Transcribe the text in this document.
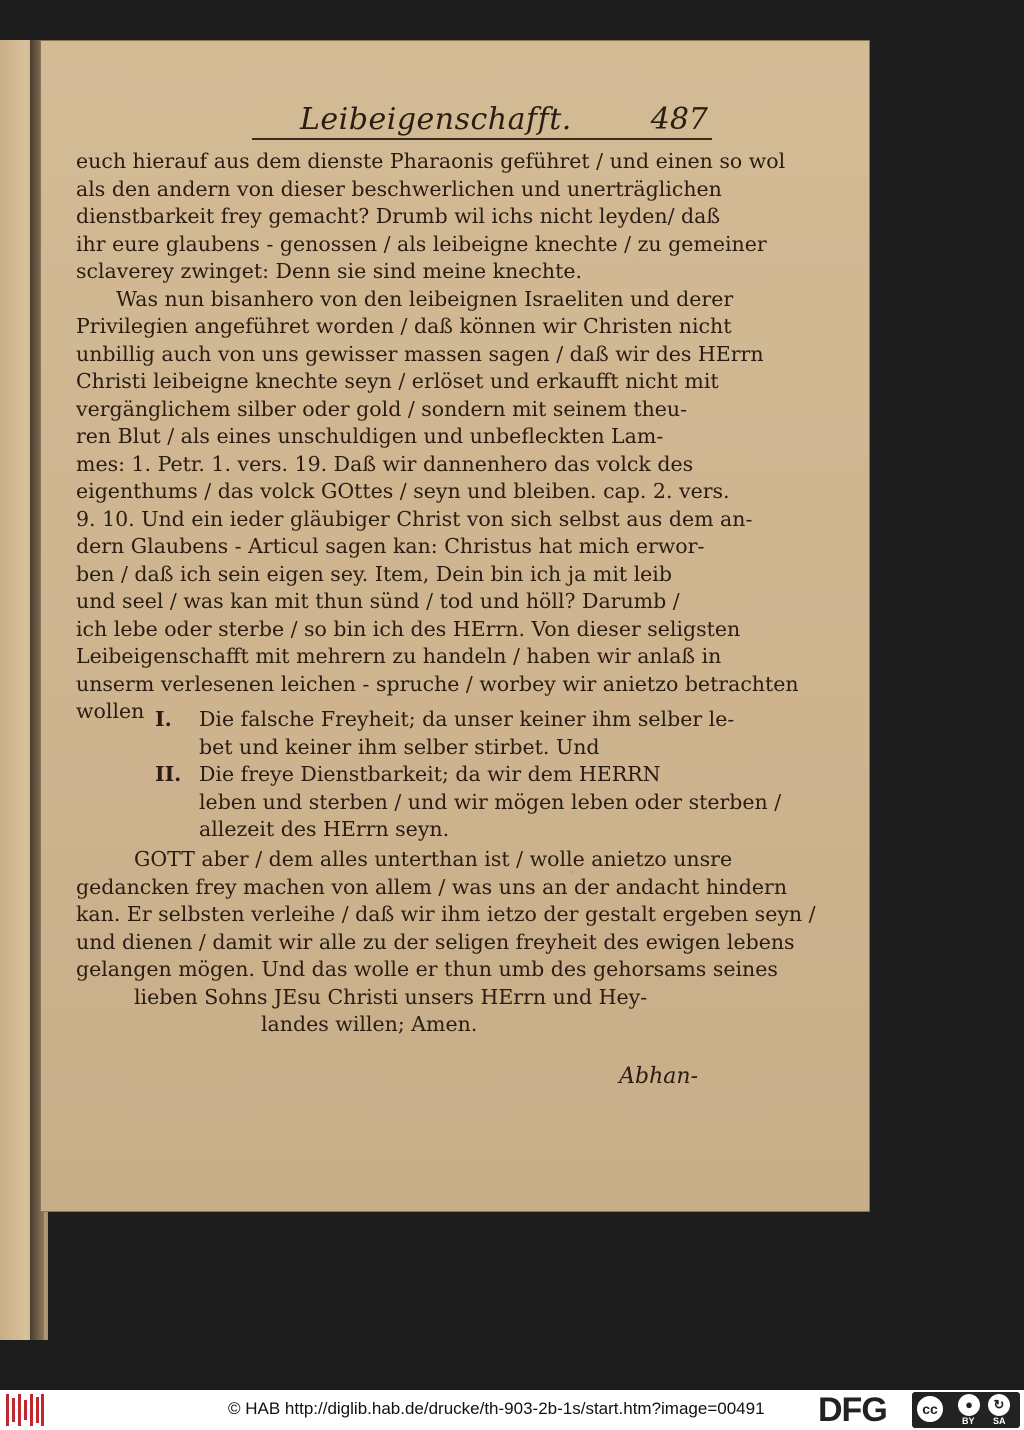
Leibeigenschafft.	487
euch hierauf aus dem dienste Pharaonis geführet / und einen so wol
als den andern von dieser beschwerlichen und unerträglichen
dienstbarkeit frey gemacht? Drumb wil ichs nicht leyden/ daß
ihr eure glaubens - genossen / als leibeigne knechte / zu gemeiner
sclaverey zwinget: Denn sie sind meine knechte.
Was nun bisanhero von den leibeignen Israeliten und derer
Privilegien angeführet worden / daß können wir Christen nicht
unbillig auch von uns gewisser massen sagen / daß wir des HErrn
Christi leibeigne knechte seyn / erlöset und erkaufft nicht mit
vergänglichem silber oder gold / sondern mit seinem theu-
ren Blut / als eines unschuldigen und unbefleckten Lam-
mes: 1. Petr. 1. vers. 19. Daß wir dannenhero das volck des
eigenthums / das volck GOttes / seyn und bleiben. cap. 2. vers.
9. 10. Und ein ieder gläubiger Christ von sich selbst aus dem an-
dern Glaubens - Articul sagen kan: Christus hat mich erwor-
ben / daß ich sein eigen sey. Item, Dein bin ich ja mit leib
und seel / was kan mit thun sünd / tod und höll? Darumb /
ich lebe oder sterbe / so bin ich des HErrn. Von dieser seligsten
Leibeigenschafft mit mehrern zu handeln / haben wir anlaß in
unserm verlesenen leichen - spruche / worbey wir anietzo betrachten
wollen I. Die falsche Freyheit; da unser keiner ihm selber le-
bet und keiner ihm selber stirbet. Und
II. Die freye Dienstbarkeit; da wir dem HERRN
leben und sterben / und wir mögen leben oder sterben /
allezeit des HErrn seyn.
GOTT aber / dem alles unterthan ist / wolle anietzo unsre
gedancken frey machen von allem / was uns an der andacht hindern
kan. Er selbsten verleihe / daß wir ihm ietzo der gestalt ergeben seyn /
und dienen / damit wir alle zu der seligen freyheit des ewigen lebens
gelangen mögen. Und das wolle er thun umb des gehorsams seines
lieben Sohns JEsu Christi unsers HErrn und Hey-
landes willen; Amen.
Abhan-
© HAB http://diglib.hab.de/drucke/th-903-2b-1s/start.htm?image=00491 DFG	cc	●	↻
BY SA
